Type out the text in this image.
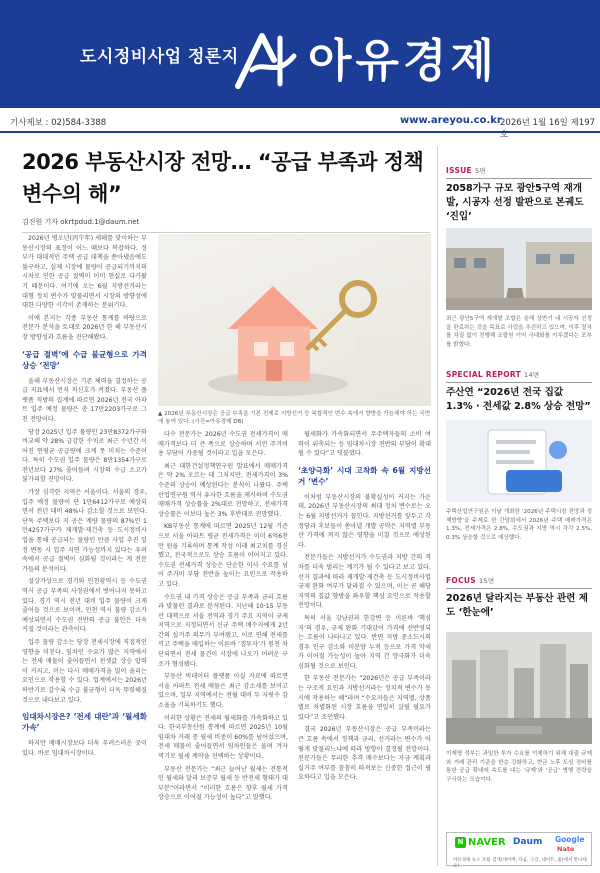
도시정비사업 정론지 아유경제
기사제보 : 02)584-3388	www.areyou.co.kr
2026년 1월 16일 제197호
2026 부동산시장 전망… “공급 부족과 정책 변수의 해”
김진원 기자 okrtpdud.1@daum.net

2026년 병오년(丙午年) 새해를 맞이하는 부동산시장의 표정이 어느 때보다 복잡하다. 정부가 대대적인 주택 공급 대책을 쏟아냈음에도 불구하고, 실제 시장에 물량이 공급되기까지의 시차로 인한 공급 절벽이 이미 현실로 다가왔기 때문이다. 여기에 오는 6월 지방선거라는 대형 정치 변수가 맞물리면서 시장의 방향성에 대한 다양한 시각이 존재하는 분위기다.

이에 본지는 각종 부동산 통계를 바탕으로 전문가 분석을 토대로 2026년 한 해 부동산시장 방향성과 흐름을 진단해봤다.

‘공급 절벽’에 수급 불균형으로 가격 상승 ‘전망’

올해 부동산시장은 기존 체력을 결정하는 공급 지표에서 먼저 적신호가 켜졌다. 부동산 플랫폼 직방의 집계에 따르면 2026년 전국 아파트 입주 예정 물량은 총 17만2203가구로 그친 전망이다.

당장 2025년 입주 물량인 23만8372가구와 비교해 약 28% 급감한 수치로 최근 수년간 이어진 연평균 공급량에 크게 못 미치는 수준이다. 특히 수도권 입주 물량은 8만1354가구로 전년보다 27% 줄어들며 시장의 수급 소고가 불가피할 전망이다.

가장 심각한 지역은 서울이다. 서울의 경우, 입주 예정 물량이 단 1만6412가구로 예상되면서 전년 대비 48%나 감소할 것으로 보인다. 단독 주택보다 지 공은 계량 물량의 87%인 1만4257가구가 재개발·재건축 등 도시정비사업을 통해 공급되는 물량인 만큼 사업 추진 일정 변동 시 입주 지연 가능성까지 있다는 우려 속에서 공급 절벽이 심화될 것이라는 게 전문가들의 분석이다.

설상가상으로 경기와 인천광역시 등 수도권 역시 공급 부족의 사정권에서 벗어나지 못하고 있다. 경기 역시 전년 대비 입주 물량이 크게 줄어들 것으로 보이며, 인천 역시 물량 감소가 예상되면서 수도권 전반의 공급 불안은 더욱 커질 것이라는 관측이다.

입주 물량 감소는 당장 전세시장에 직접적인 영향을 미친다. 임차인 수요가 많은 지역에서는 전세 매물이 줄어들면서 전셋값 상승 압력이 커지고, 이는 다시 매매가격을 밀어 올리는 요인으로 작용할 수 있다. 업계에서는 2026년 하반기로 갈수록 수급 불균형이 더욱 뚜렷해질 것으로 내다보고 있다.

임대차시장은? ‘전세 대란’과 ‘월세화 가속’

하지만 매매시장보다 더욱 우려스러운 곳이 있다. 바로 임대차시장이다.

▲ 2026년 부동산시장은 공급 부족을 기본 전제로 지방선거 등 복합적인 변수 속에서 향방을 가늠해야 하는 국면에 놓여 있다. (사진=아유경제 DB)

다수 전문가는 2026년 수도권 전세가격이 매매가격보다 더 큰 폭으로 상승하며 서민 주거비용 부담이 가중될 것이라고 입을 모은다.

최근 대한건설정책연구원 발표에서 매매가격은 약 2% 오르는 데 그치지만, 전세가격이 3% 수준의 상승이 예상된다는 분석이 나왔다. 주택산업연구원 역시 유사한 흐름을 제시하며 수도권 매매가격 상승률을 2%대로 전망하고, 전세가격 상승률은 이보다 높은 3% 후반대로 전망했다.

KB부동산 통계에 따르면 2025년 12월 기준으로 서울 아파트 평균 전세가격은 이미 6억6천만 원을 기록하며 통계 작성 이래 최고치를 경신했고, 전국적으로도 상승 흐름이 이어지고 있다. 수도권 전세가격 상승은 단순한 이사 수요를 넘어 주거비 부담 전반을 높이는 요인으로 작용하고 있다.

수도권 내 가격 상승은 공급 부족과 금리 흐름과 맞물린 결과로 분석된다. 지난해 10·15 부동산 대책으로 서울 전역과 경기 주요 지역이 규제지역으로 지정되면서 신규 주택 매수자에게 2년간의 실거주 의무가 부여됐고, 이로 인해 전세를 끼고 주택을 매입하는 이른바 ‘갭투자’가 원천 차단되면서 전세 물건이 시장에 나오기 어려운 구조가 형성됐다.

부동산 빅데이터 플랫폼 아실 자료에 따르면 서울 아파트 전세 매물은 최근 감소세를 보이고 있으며, 일부 지역에서는 전월 대비 두 자릿수 감소율을 기록하기도 했다.

이러한 상황은 전세의 월세화를 가속화하고 있다. 한국부동산원 통계에 따르면 2025년 10월 임대차 거래 중 월세 비중이 60%를 넘어섰으며, 전세 매물이 줄어들면서 임차인들은 울며 겨자 먹기로 월세 계약을 선택하는 상황이다.

부동산 전문가는 “최근 늘어난 월세는 전통적인 월세와 달리 보증부 월세 등 반전세 형태가 대부분”이라면서 “이러한 흐름은 향후 월세 가격 상승으로 이어질 가능성이 높다”고 말했다.

월세화가 가속화되면서 무주택자들의 소비 여력이 위축되는 등 임대차시장 전반의 부담이 확대될 수 있다”고 덧붙였다.

‘초양극화’ 시대 고착화 속 6월 지방선거 ‘변수’

이처럼 부동산시장의 불확실성이 커지는 가운데, 2026년 부동산시장의 최대 정치 변수로는 오는 6월 지방선거가 꼽힌다. 지방선거를 앞두고 각 정당과 후보들이 쏟아낼 개발 공약은 지역별 부동산 가격에 적지 않은 영향을 미칠 것으로 예상된다.

전문가들은 지방선거가 수도권과 지방 간의 격차를 더욱 벌리는 계기가 될 수 있다고 보고 있다. 선거 결과에 따라 재개발·재건축 등 도시정비사업 규제 완화 여부가 달라질 수 있으며, 이는 곧 해당 지역의 집값 향방을 좌우할 핵심 요인으로 작용할 전망이다.

특히 서울 강남권과 한강변 등 이른바 ‘핵심지’의 경우, 규제 완화 기대감이 가격에 선반영되는 흐름이 나타나고 있다. 반면 지방 중소도시의 경우 인구 감소와 미분양 누적 등으로 가격 약세가 이어질 가능성이 높아 지역 간 양극화가 더욱 심화될 것으로 보인다.

한 부동산 전문가는 “2026년은 공급 부족이라는 구조적 요인과 지방선거라는 정치적 변수가 동시에 작용하는 해”라며 “수요자들은 지역별, 상품별로 차별화된 시장 흐름을 면밀히 살필 필요가 있다”고 조언했다.

결국 2026년 부동산시장은 공급 부족이라는 큰 흐름 속에서 정책과 금리, 선거라는 변수가 어떻게 맞물리느냐에 따라 방향이 결정될 전망이다. 전문가들은 무리한 추격 매수보다는 자금 계획과 실거주 여부를 꼼꼼히 따져보는 신중한 접근이 필요하다고 입을 모은다.

ISSUE 5면
2058가구 규모 광안5구역 재개발, 시공자 선정 발판으로 본궤도 ‘진입’
최근 광안5구역 재개발 조합은 올해 상반기 내 시공자 선정을 완료하는 것을 목표로 사업을 추진하고 있으며, 이후 절차를 차질 없이 진행해 조합원 이익 극대화를 이루겠다는 포부를 밝혔다.
SPECIAL REPORT 14면
주산연 “2026년 전국 집값 1.3% · 전세값 2.8% 상승 전망”
주택산업연구원은 이날 개최한 ‘2026년 주택시장 전망과 정책방향’을 주제로 한 간담회에서 2026년 주택 매매가격은 1.3%, 전세가격은 2.8%, 수도권과 지방 역시 각각 2.5%, 0.3% 상승할 것으로 예상했다.
FOCUS 15면
2026년 달라지는 부동산 관련 제도 ‘한눈에’
이재명 정부는 과밀한 투자 수요를 억제하기 위해 대출 규제와 거래 관리 기준을 한층 강화하고, 현금 노후 도심 정비를 통한 공급 확대에 속도를 내는 ‘규제’와 ‘공급’ 병행 전략을 구사하는 모습이다.
N NAVER Daum Google
Nate
아유경제 뉴스 포털 검색(네이버, 다음, 구글, 네이트, 줌)에서 만나세요!
